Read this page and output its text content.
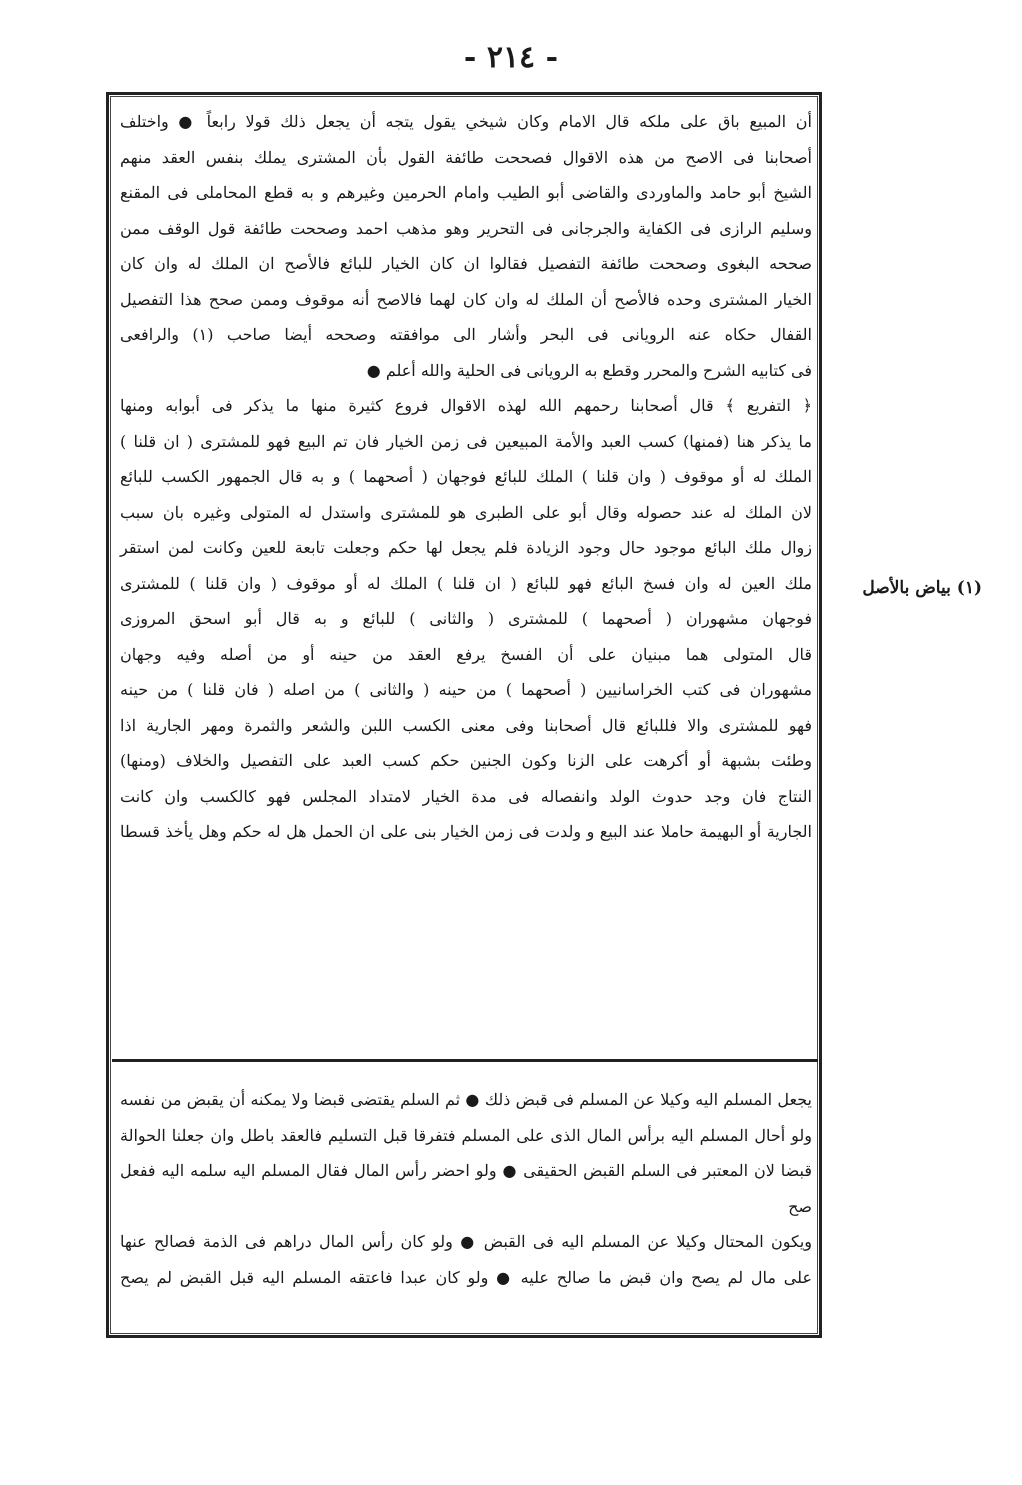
- ٢١٤ -

أن المبيع باق على ملكه قال الامام وكان شيخي يقول يتجه أن يجعل ذلك قولا رابعاً ● واختلف

أصحابنا فى الاصح من هذه الاقوال فصححت طائفة القول بأن المشترى يملك بنفس العقد منهم

الشيخ أبو حامد والماوردى والقاضى أبو الطيب وامام الحرمين وغيرهم و به قطع المحاملى فى المقنع

وسليم الرازى فى الكفاية والجرجانى فى التحرير وهو مذهب احمد وصححت طائفة قول الوقف ممن

صححه البغوى وصححت طائفة التفصيل فقالوا ان كان الخيار للبائع فالأصح ان الملك له وان كان

الخيار المشترى وحده فالأصح أن الملك له وان كان لهما فالاصح أنه موقوف وممن صحح هذا التفصيل

القفال حكاه عنه الرويانى فى البحر وأشار الى موافقته وصححه أيضا صاحب (١) والرافعى

فى كتابيه الشرح والمحرر وقطع به الرويانى فى الحلية والله أعلم ●

﴿ التفريع ﴾ قال أصحابنا رحمهم الله لهذه الاقوال فروع كثيرة منها ما يذكر فى أبوابه ومنها

ما يذكر هنا (فمنها) كسب العبد والأمة المبيعين فى زمن الخيار فان تم البيع فهو للمشترى ( ان قلنا )

الملك له أو موقوف ( وان قلنا ) الملك للبائع فوجهان ( أصحهما ) و به قال الجمهور الكسب للبائع

لان الملك له عند حصوله وقال أبو على الطبرى هو للمشترى واستدل له المتولى وغيره بان سبب

زوال ملك البائع موجود حال وجود الزيادة فلم يجعل لها حكم وجعلت تابعة للعين وكانت لمن استقر

ملك العين له وان فسخ البائع فهو للبائع ( ان قلنا ) الملك له أو موقوف ( وان قلنا ) للمشترى

فوجهان مشهوران ( أصحهما ) للمشترى ( والثانى ) للبائع و به قال أبو اسحق المروزى

قال المتولى هما مبنيان على أن الفسخ يرفع العقد من حينه أو من أصله وفيه وجهان

مشهوران فى كتب الخراسانيين ( أصحهما ) من حينه ( والثانى ) من اصله ( فان قلنا ) من حينه

فهو للمشترى والا فللبائع قال أصحابنا وفى معنى الكسب اللبن والشعر والثمرة ومهر الجارية اذا

وطئت بشبهة أو أكرهت على الزنا وكون الجنين حكم كسب العبد على التفصيل والخلاف (ومنها)

النتاج فان وجد حدوث الولد وانفصاله فى مدة الخيار لامتداد المجلس فهو كالكسب وان كانت

الجارية أو البهيمة حاملا عند البيع و ولدت فى زمن الخيار بنى على ان الحمل هل له حكم وهل يأخذ قسطا

يجعل المسلم اليه وكيلا عن المسلم فى قبض ذلك ● ثم السلم يقتضى قبضا ولا يمكنه أن يقبض من نفسه

ولو أحال المسلم اليه برأس المال الذى على المسلم فتفرقا قبل التسليم فالعقد باطل وان جعلنا الحوالة

قبضا لان المعتبر فى السلم القبض الحقيقى ● ولو احضر رأس المال فقال المسلم اليه سلمه اليه ففعل صح

ويكون المحتال وكيلا عن المسلم اليه فى القبض ● ولو كان رأس المال دراهم فى الذمة فصالح عنها

على مال لم يصح وان قبض ما صالح عليه ● ولو كان عبدا فاعتقه المسلم اليه قبل القبض لم يصح

(١) بياض بالأصل
